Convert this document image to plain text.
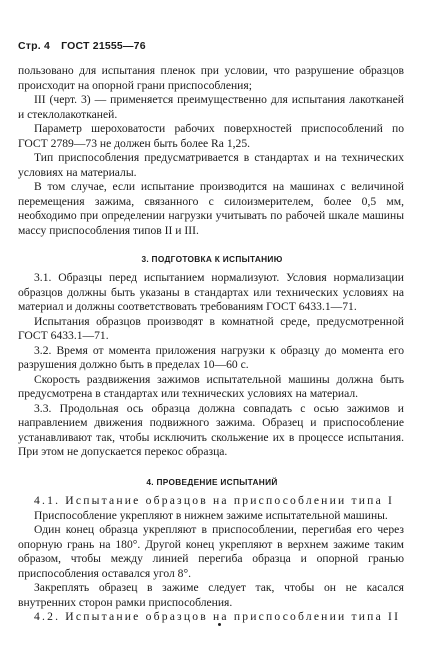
Стр. 4 ГОСТ 21555—76

пользовано для испытания пленок при условии, что разрушение образцов происходит на опорной грани приспособления;

III (черт. 3) — применяется преимущественно для испытания лакотканей и стеклолакотканей.

Параметр шероховатости рабочих поверхностей приспособлений по ГОСТ 2789—73 не должен быть более Ra 1,25.

Тип приспособления предусматривается в стандартах и на технических условиях на материалы.

В том случае, если испытание производится на машинах с величиной перемещения зажима, связанного с силоизмерителем, более 0,5 мм, необходимо при определении нагрузки учитывать по рабочей шкале машины массу приспособления типов II и III.

3. ПОДГОТОВКА К ИСПЫТАНИЮ

3.1. Образцы перед испытанием нормализуют. Условия нормализации образцов должны быть указаны в стандартах или технических условиях на материал и должны соответствовать требованиям ГОСТ 6433.1—71.

Испытания образцов производят в комнатной среде, предусмотренной ГОСТ 6433.1—71.

3.2. Время от момента приложения нагрузки к образцу до момента его разрушения должно быть в пределах 10—60 с.

Скорость раздвижения зажимов испытательной машины должна быть предусмотрена в стандартах или технических условиях на материал.

3.3. Продольная ось образца должна совпадать с осью зажимов и направлением движения подвижного зажима. Образец и приспособление устанавливают так, чтобы исключить скольжение их в процессе испытания. При этом не допускается перекос образца.

4. ПРОВЕДЕНИЕ ИСПЫТАНИЙ

4.1. Испытание образцов на приспособлении типа I

Приспособление укрепляют в нижнем зажиме испытательной машины.

Один конец образца укрепляют в приспособлении, перегибая его через опорную грань на 180°. Другой конец укрепляют в верхнем зажиме таким образом, чтобы между линией перегиба образца и опорной гранью приспособления оставался угол 8°.

Закреплять образец в зажиме следует так, чтобы он не касался внутренних сторон рамки приспособления.

4.2. Испытание образцов на приспособлении типа II
